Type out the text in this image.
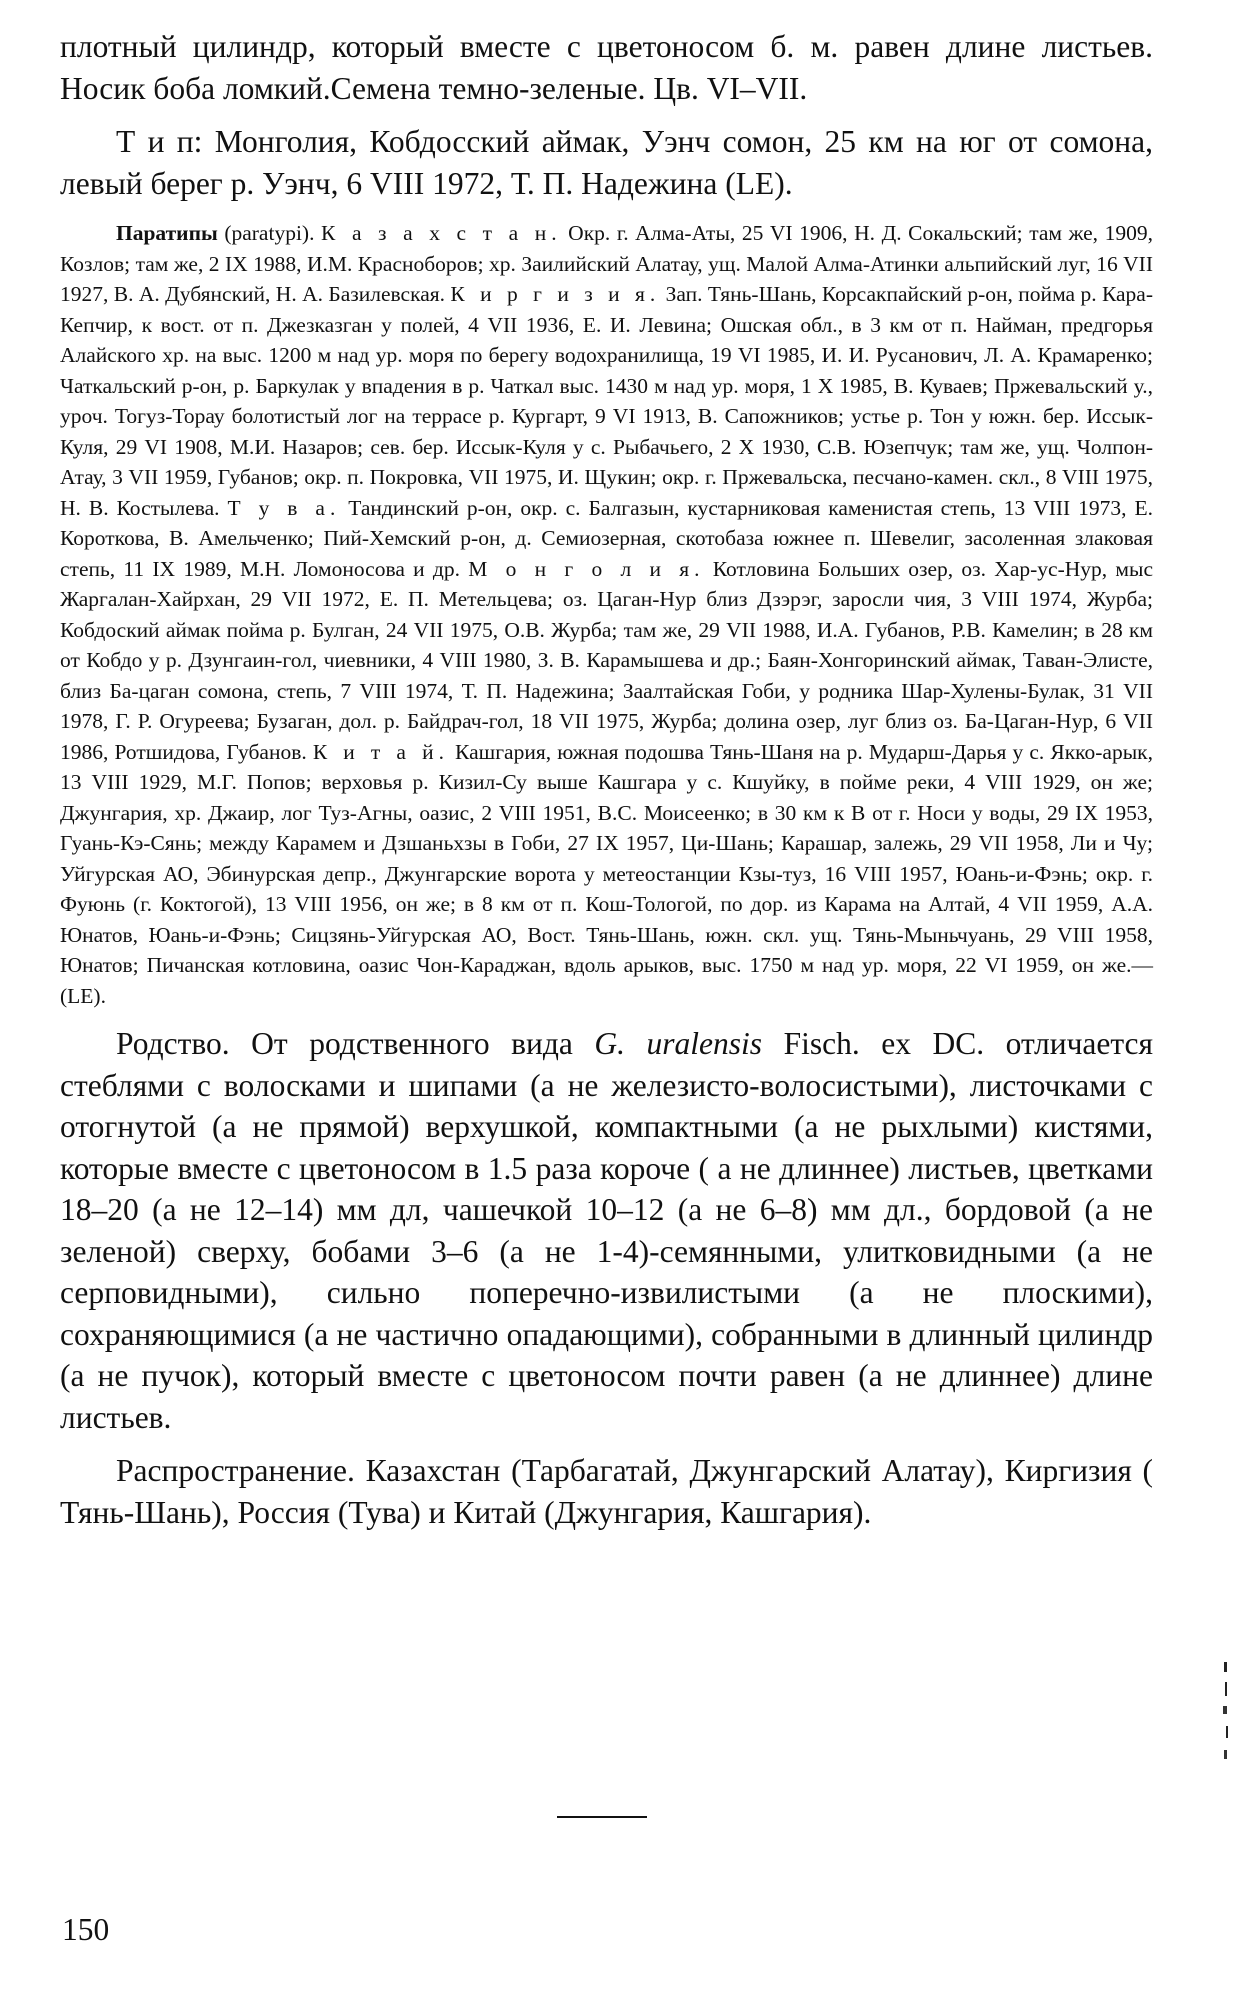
плотный цилиндр, который вместе с цветоносом б. м. равен длине листьев. Носик боба ломкий.Семена темно-зеленые. Цв. VI–VII.

Т и п: Монголия, Кобдосский аймак, Уэнч сомон, 25 км на юг от сомона, левый берег р. Уэнч, 6 VIII 1972, Т. П. Надежина (LE).

Паратипы (paratypi). К а з а х с т а н. Окр. г. Алма-Аты, 25 VI 1906, Н. Д. Сокальский; там же, 1909, Козлов; там же, 2 IX 1988, И.М. Красноборов; хр. Заилийский Алатау, ущ. Малой Алма-Атинки альпийский луг, 16 VII 1927, В. А. Дубянский, Н. А. Базилевская. К и р г и з и я. Зап. Тянь-Шань, Корсакпайский р-он, пойма р. Кара-Кепчир, к вост. от п. Джезказган у полей, 4 VII 1936, Е. И. Левина; Ошская обл., в 3 км от п. Найман, предгорья Алайского хр. на выс. 1200 м над ур. моря по берегу водохранилища, 19 VI 1985, И. И. Русанович, Л. А. Крамаренко; Чаткальский р-он, р. Баркулак у впадения в р. Чаткал выс. 1430 м над ур. моря, 1 X 1985, В. Куваев; Пржевальский у., уроч. Тогуз-Торау болотистый лог на террасе р. Кургарт, 9 VI 1913, В. Сапожников; устье р. Тон у южн. бер. Иссык-Куля, 29 VI 1908, М.И. Назаров; сев. бер. Иссык-Куля у с. Рыбачьего, 2 X 1930, С.В. Юзепчук; там же, ущ. Чолпон-Атау, 3 VII 1959, Губанов; окр. п. Покровка, VII 1975, И. Щукин; окр. г. Пржевальска, песчано-камен. скл., 8 VIII 1975, Н. В. Костылева. Т у в а. Тандинский р-он, окр. с. Балгазын, кустарниковая каменистая степь, 13 VIII 1973, Е. Короткова, В. Амельченко; Пий-Хемский р-он, д. Семиозерная, скотобаза южнее п. Шевелиг, засоленная злаковая степь, 11 IX 1989, М.Н. Ломоносова и др. М о н г о л и я. Котловина Больших озер, оз. Хар-ус-Нур, мыс Жаргалан-Хайрхан, 29 VII 1972, Е. П. Метельцева; оз. Цаган-Нур близ Дзэрэг, заросли чия, 3 VIII 1974, Журба; Кобдоский аймак пойма р. Булган, 24 VII 1975, О.В. Журба; там же, 29 VII 1988, И.А. Губанов, Р.В. Камелин; в 28 км от Кобдо у р. Дзунгаин-гол, чиевники, 4 VIII 1980, З. В. Карамышева и др.; Баян-Хонгоринский аймак, Таван-Элисте, близ Ба-цаган сомона, степь, 7 VIII 1974, Т. П. Надежина; Заалтайская Гоби, у родника Шар-Хулены-Булак, 31 VII 1978, Г. Р. Огуреева; Бузаган, дол. р. Байдрач-гол, 18 VII 1975, Журба; долина озер, луг близ оз. Ба-Цаган-Нур, 6 VII 1986, Ротшидова, Губанов. К и т а й. Кашгария, южная подошва Тянь-Шаня на р. Мударш-Дарья у с. Якко-арык, 13 VIII 1929, М.Г. Попов; верховья р. Кизил-Су выше Кашгара у с. Кшуйку, в пойме реки, 4 VIII 1929, он же; Джунгария, хр. Джаир, лог Туз-Агны, оазис, 2 VIII 1951, В.С. Моисеенко; в 30 км к В от г. Носи у воды, 29 IX 1953, Гуань-Кэ-Сянь; между Карамем и Дзшаньхзы в Гоби, 27 IX 1957, Ци-Шань; Карашар, залежь, 29 VII 1958, Ли и Чу; Уйгурская АО, Эбинурская депр., Джунгарские ворота у метеостанции Кзы-туз, 16 VIII 1957, Юань-и-Фэнь; окр. г. Фуюнь (г. Коктогой), 13 VIII 1956, он же; в 8 км от п. Кош-Тологой, по дор. из Карама на Алтай, 4 VII 1959, А.А. Юнатов, Юань-и-Фэнь; Сицзянь-Уйгурская АО, Вост. Тянь-Шань, южн. скл. ущ. Тянь-Мыньчуань, 29 VIII 1958, Юнатов; Пичанская котловина, оазис Чон-Караджан, вдоль арыков, выс. 1750 м над ур. моря, 22 VI 1959, он же.— (LE).

Родство. От родственного вида G. uralensis Fisch. ex DC. отличается стеблями с волосками и шипами (а не железисто-волосистыми), листочками с отогнутой (а не прямой) верхушкой, компактными (а не рыхлыми) кистями, которые вместе с цветоносом в 1.5 раза короче ( а не длиннее) листьев, цветками 18–20 (а не 12–14) мм дл, чашечкой 10–12 (а не 6–8) мм дл., бордовой (а не зеленой) сверху, бобами 3–6 (а не 1-4)-семянными, улитковидными (а не серповидными), сильно поперечно-извилистыми (а не плоскими), сохраняющимися (а не частично опадающими), собранными в длинный цилиндр (а не пучок), который вместе с цветоносом почти равен (а не длиннее) длине листьев.

Распространение. Казахстан (Тарбагатай, Джунгарский Алатау), Киргизия ( Тянь-Шань), Россия (Тува) и Китай (Джунгария, Кашгария).

150
